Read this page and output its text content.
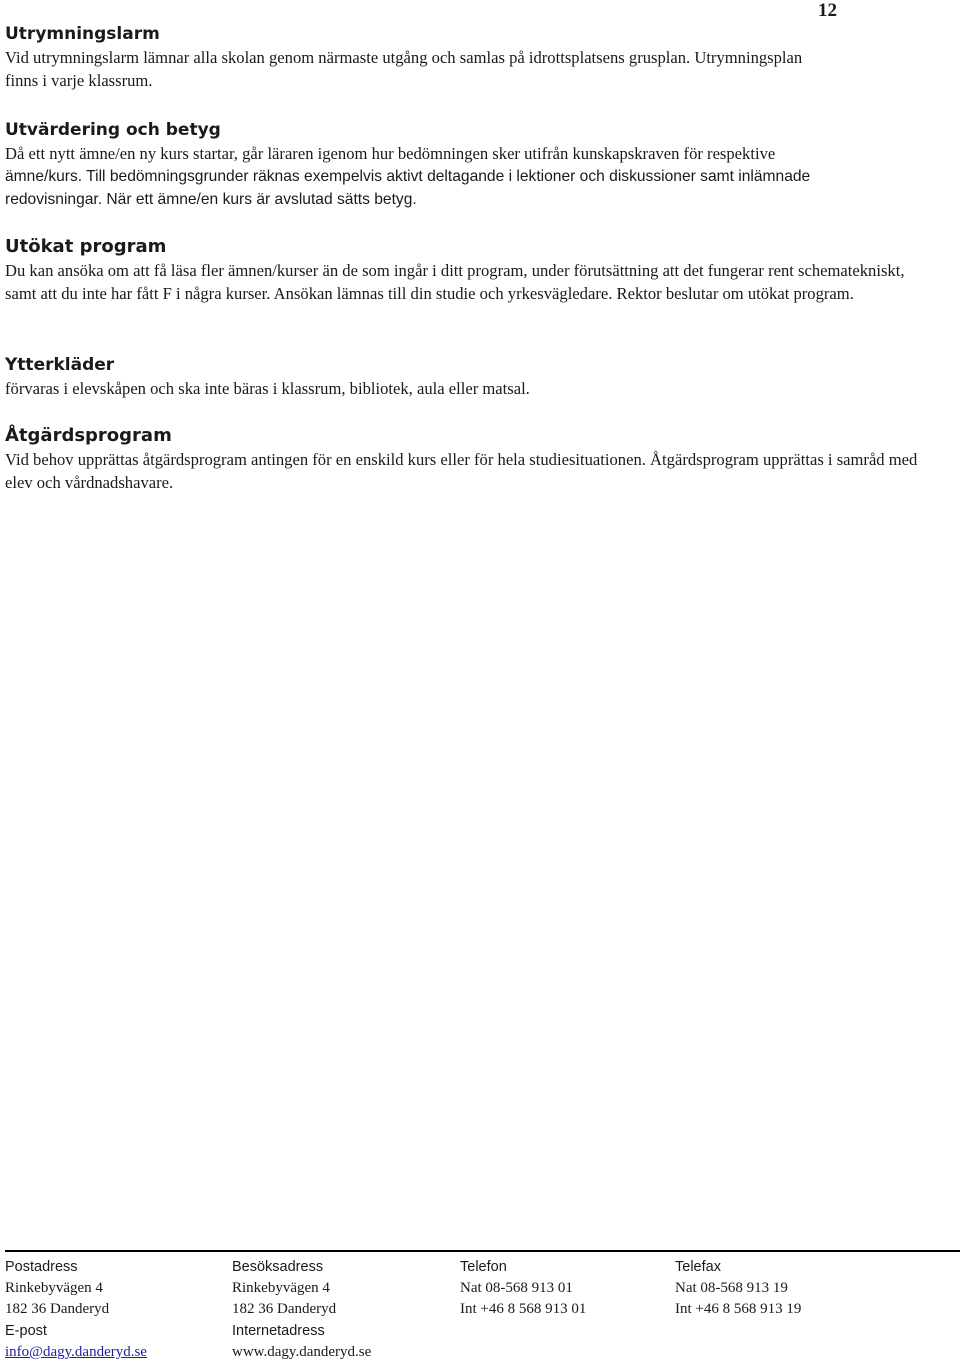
12
Utrymningslarm

Vid utrymningslarm lämnar alla skolan genom närmaste utgång och samlas på idrottsplatsens grusplan. Utrymningsplan finns i varje klassrum.

Utvärdering och betyg

Då ett nytt ämne/en ny kurs startar, går läraren igenom hur bedömningen sker utifrån kunskapskraven för respektive

ämne/kurs. Till bedömningsgrunder räknas exempelvis aktivt deltagande i lektioner och diskussioner samt inlämnade redovisningar. När ett ämne/en kurs är avslutad sätts betyg.

Utökat program

Du kan ansöka om att få läsa fler ämnen/kurser än de som ingår i ditt program, under förutsättning att det fungerar rent schematekniskt, samt att du inte har fått F i några kurser. Ansökan lämnas till din studie och yrkesvägledare. Rektor beslutar om utökat program.

Ytterkläder

förvaras i elevskåpen och ska inte bäras i klassrum, bibliotek, aula eller matsal.

Åtgärdsprogram

Vid behov upprättas åtgärdsprogram antingen för en enskild kurs eller för hela studiesituationen. Åtgärdsprogram upprättas i samråd med elev och vårdnadshavare.

Postadress
Rinkebyvägen 4
182 36 Danderyd
E-post
info@dagy.danderyd.se
Besöksadress
Rinkebyvägen 4
182 36 Danderyd
Internetadress
www.dagy.danderyd.se
Telefon
Nat 08-568 913 01
Int +46 8 568 913 01
Telefax
Nat 08-568 913 19
Int +46 8 568 913 19
